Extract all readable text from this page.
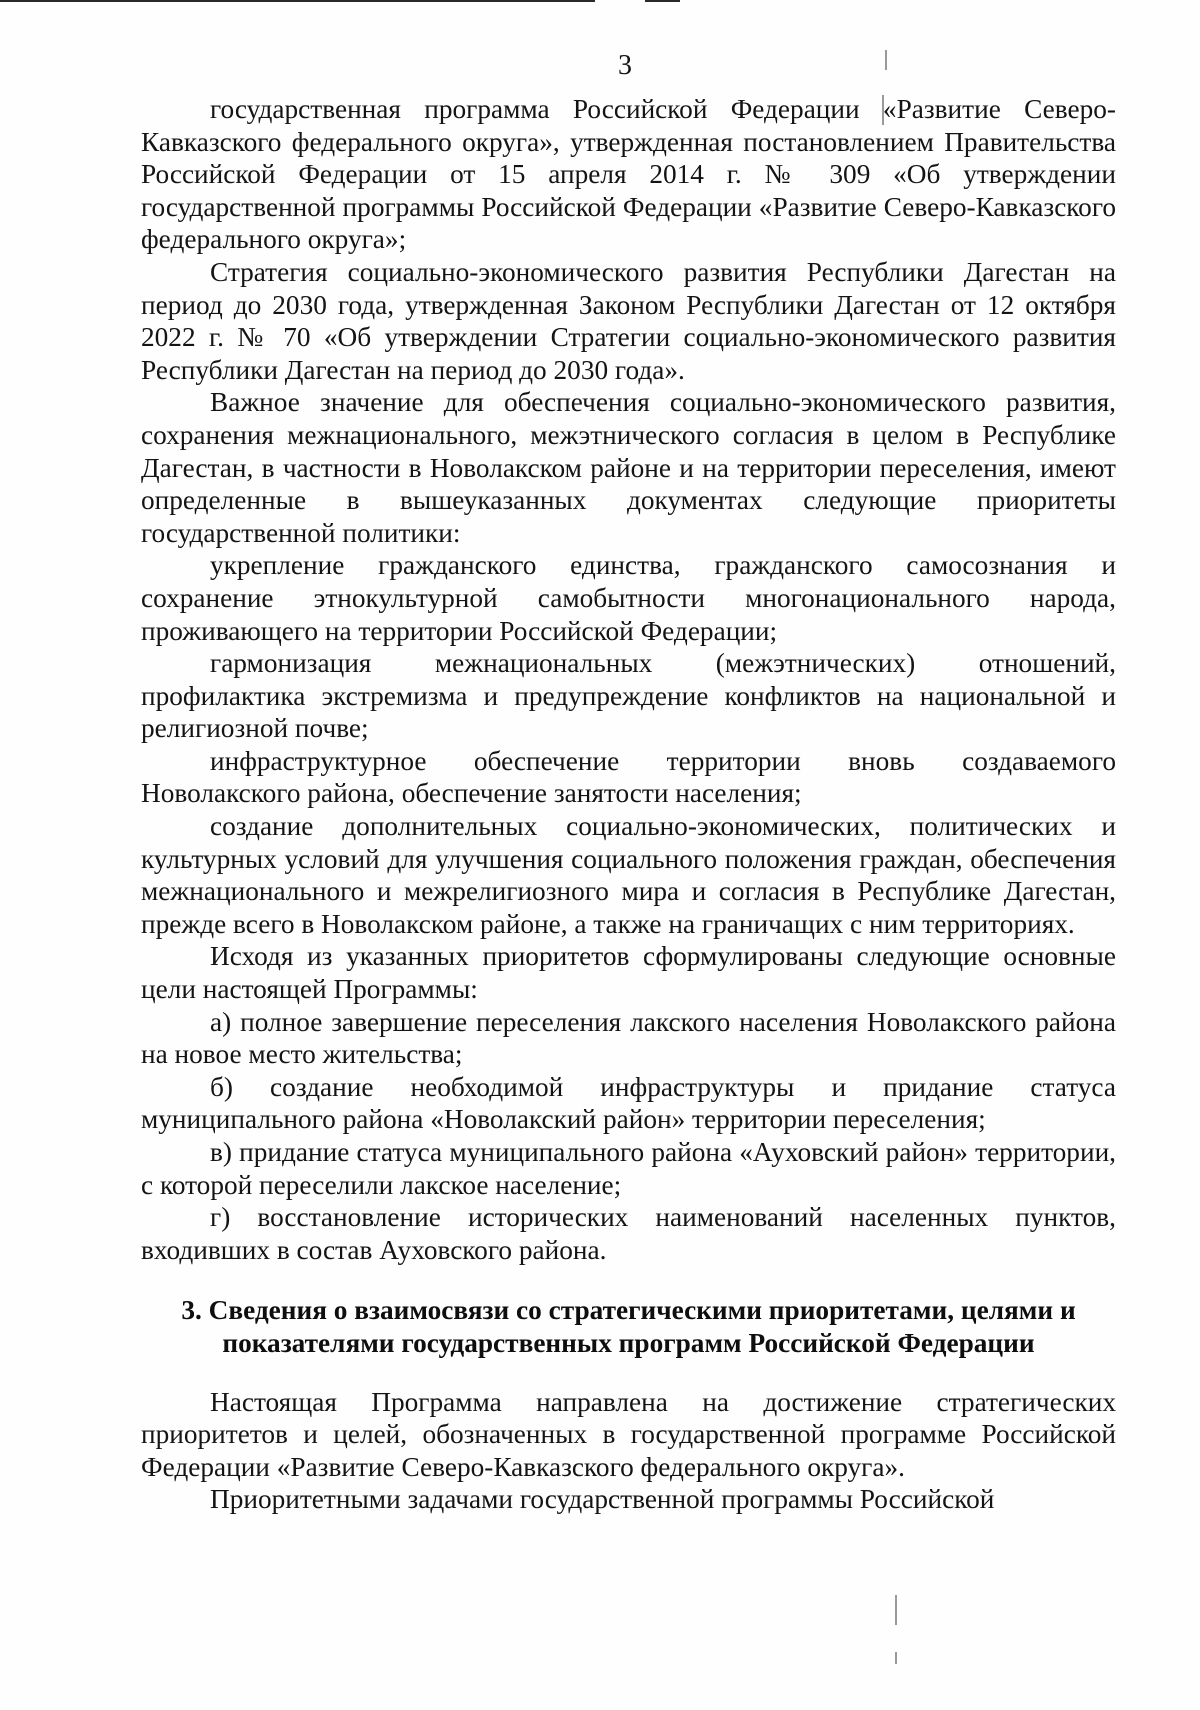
3

государственная программа Российской Федерации «Развитие Северо-Кавказского федерального округа», утвержденная постановлением Правительства Российской Федерации от 15 апреля 2014 г. № 309 «Об утверждении государственной программы Российской Федерации «Развитие Северо-Кавказского федерального округа»;

Стратегия социально-экономического развития Республики Дагестан на период до 2030 года, утвержденная Законом Республики Дагестан от 12 октября 2022 г. № 70 «Об утверждении Стратегии социально-экономического развития Республики Дагестан на период до 2030 года».

Важное значение для обеспечения социально-экономического развития, сохранения межнационального, межэтнического согласия в целом в Республике Дагестан, в частности в Новолакском районе и на территории переселения, имеют определенные в вышеуказанных документах следующие приоритеты государственной политики:

укрепление гражданского единства, гражданского самосознания и сохранение этнокультурной самобытности многонационального народа, проживающего на территории Российской Федерации;

гармонизация межнациональных (межэтнических) отношений, профилактика экстремизма и предупреждение конфликтов на национальной и религиозной почве;

инфраструктурное обеспечение территории вновь создаваемого Новолакского района, обеспечение занятости населения;

создание дополнительных социально-экономических, политических и культурных условий для улучшения социального положения граждан, обеспечения межнационального и межрелигиозного мира и согласия в Республике Дагестан, прежде всего в Новолакском районе, а также на граничащих с ним территориях.

Исходя из указанных приоритетов сформулированы следующие основные цели настоящей Программы:

а) полное завершение переселения лакского населения Новолакского района на новое место жительства;

б) создание необходимой инфраструктуры и придание статуса муниципального района «Новолакский район» территории переселения;

в) придание статуса муниципального района «Ауховский район» территории, с которой переселили лакское население;

г) восстановление исторических наименований населенных пунктов, входивших в состав Ауховского района.

3. Сведения о взаимосвязи со стратегическими приоритетами, целями и показателями государственных программ Российской Федерации

Настоящая Программа направлена на достижение стратегических приоритетов и целей, обозначенных в государственной программе Российской Федерации «Развитие Северо-Кавказского федерального округа».

Приоритетными задачами государственной программы Российской
